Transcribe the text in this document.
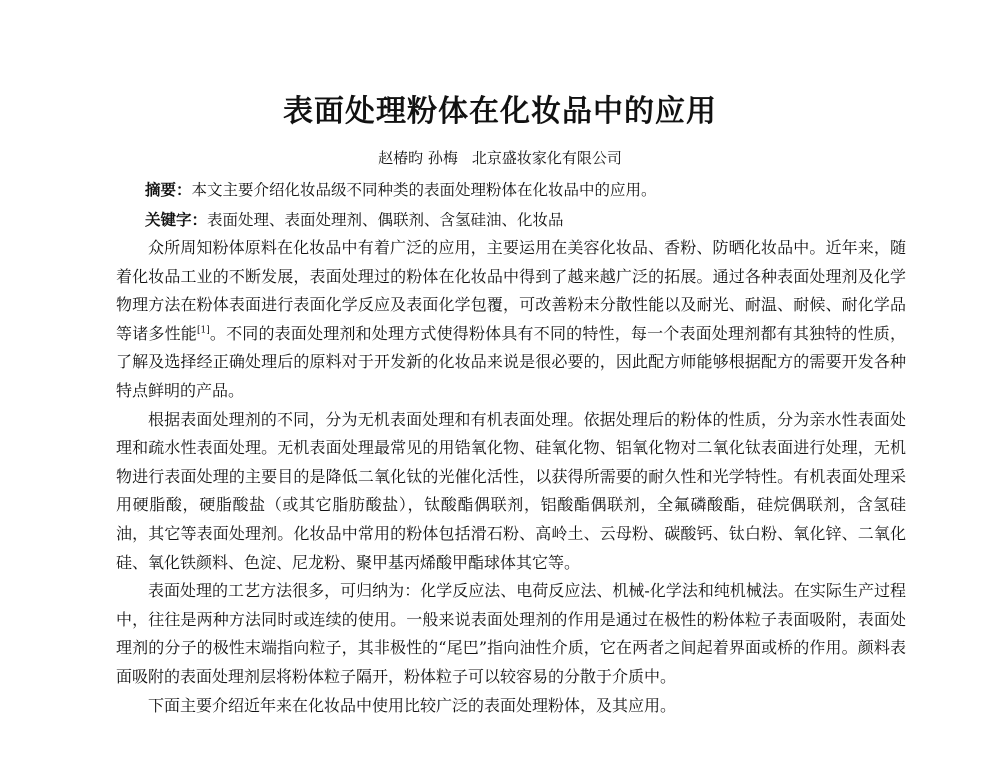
表面处理粉体在化妆品中的应用
赵椿昀 孙梅 北京盛妆家化有限公司
摘要：本文主要介绍化妆品级不同种类的表面处理粉体在化妆品中的应用。
关键字：表面处理、表面处理剂、偶联剂、含氢硅油、化妆品

众所周知粉体原料在化妆品中有着广泛的应用，主要运用在美容化妆品、香粉、防晒化妆品中。近年来，随着化妆品工业的不断发展，表面处理过的粉体在化妆品中得到了越来越广泛的拓展。通过各种表面处理剂及化学物理方法在粉体表面进行表面化学反应及表面化学包覆，可改善粉末分散性能以及耐光、耐温、耐候、耐化学品等诸多性能[1]。不同的表面处理剂和处理方式使得粉体具有不同的特性，每一个表面处理剂都有其独特的性质，了解及选择经正确处理后的原料对于开发新的化妆品来说是很必要的，因此配方师能够根据配方的需要开发各种特点鲜明的产品。

根据表面处理剂的不同，分为无机表面处理和有机表面处理。依据处理后的粉体的性质，分为亲水性表面处理和疏水性表面处理。无机表面处理最常见的用锆氧化物、硅氧化物、铝氧化物对二氧化钛表面进行处理，无机物进行表面处理的主要目的是降低二氧化钛的光催化活性，以获得所需要的耐久性和光学特性。有机表面处理采用硬脂酸，硬脂酸盐（或其它脂肪酸盐），钛酸酯偶联剂，铝酸酯偶联剂，全氟磷酸酯，硅烷偶联剂，含氢硅油，其它等表面处理剂。化妆品中常用的粉体包括滑石粉、高岭土、云母粉、碳酸钙、钛白粉、氧化锌、二氧化硅、氧化铁颜料、色淀、尼龙粉、聚甲基丙烯酸甲酯球体其它等。

表面处理的工艺方法很多，可归纳为：化学反应法、电荷反应法、机械-化学法和纯机械法。在实际生产过程中，往往是两种方法同时或连续的使用。一般来说表面处理剂的作用是通过在极性的粉体粒子表面吸附，表面处理剂的分子的极性末端指向粒子，其非极性的“尾巴”指向油性介质，它在两者之间起着界面或桥的作用。颜料表面吸附的表面处理剂层将粉体粒子隔开，粉体粒子可以较容易的分散于介质中。

下面主要介绍近年来在化妆品中使用比较广泛的表面处理粉体，及其应用。
